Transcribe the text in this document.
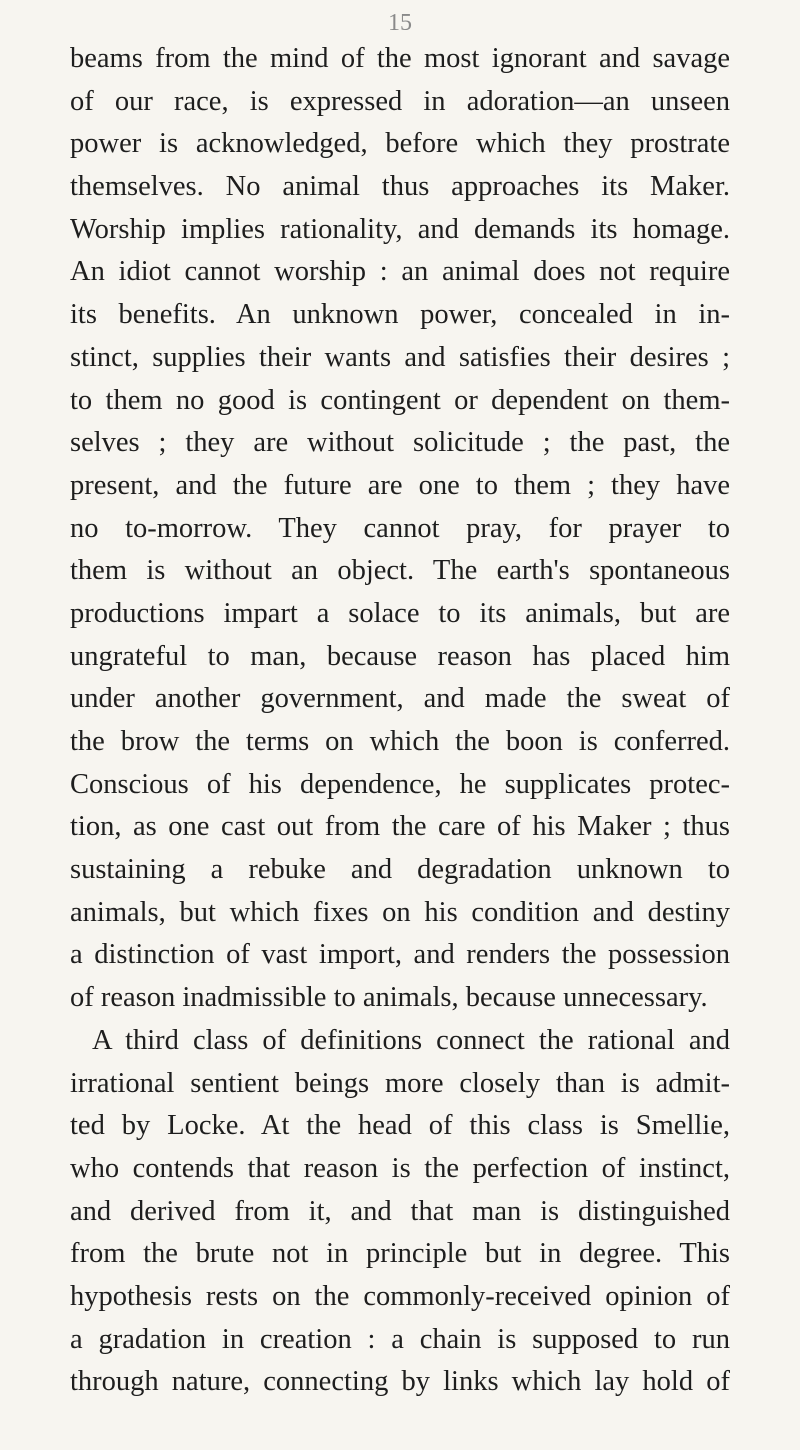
15
beams from the mind of the most ignorant and savage
of our race, is expressed in adoration—an unseen
power is acknowledged, before which they prostrate
themselves. No animal thus approaches its Maker.
Worship implies rationality, and demands its homage.
An idiot cannot worship : an animal does not require
its benefits. An unknown power, concealed in in-
stinct, supplies their wants and satisfies their desires ;
to them no good is contingent or dependent on them-
selves ; they are without solicitude ; the past, the
present, and the future are one to them ; they have
no to-morrow. They cannot pray, for prayer to
them is without an object. The earth's spontaneous
productions impart a solace to its animals, but are
ungrateful to man, because reason has placed him
under another government, and made the sweat of
the brow the terms on which the boon is conferred.
Conscious of his dependence, he supplicates protec-
tion, as one cast out from the care of his Maker ; thus
sustaining a rebuke and degradation unknown to
animals, but which fixes on his condition and destiny
a distinction of vast import, and renders the possession
of reason inadmissible to animals, because unnecessary.
A third class of definitions connect the rational and
irrational sentient beings more closely than is admit-
ted by Locke. At the head of this class is Smellie,
who contends that reason is the perfection of instinct,
and derived from it, and that man is distinguished
from the brute not in principle but in degree. This
hypothesis rests on the commonly-received opinion of
a gradation in creation : a chain is supposed to run
through nature, connecting by links which lay hold of
